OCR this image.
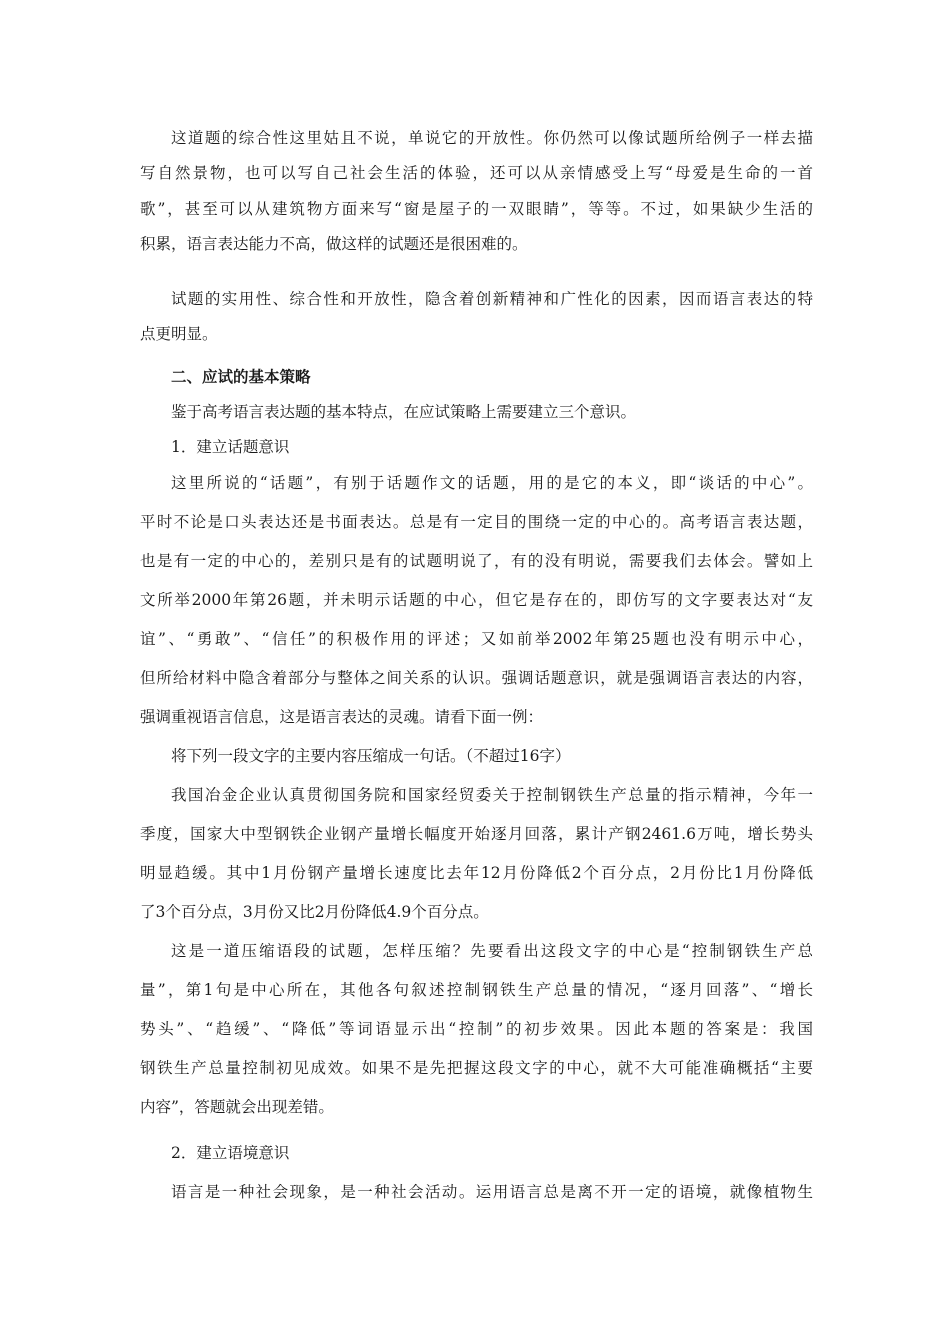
这道题的综合性这里姑且不说，单说它的开放性。你仍然可以像试题所给例子一样去描
写自然景物，也可以写自己社会生活的体验，还可以从亲情感受上写“母爱是生命的一首
歌”，甚至可以从建筑物方面来写“窗是屋子的一双眼睛”，等等。不过，如果缺少生活的
积累，语言表达能力不高，做这样的试题还是很困难的。
试题的实用性、综合性和开放性，隐含着创新精神和广性化的因素，因而语言表达的特
点更明显。
二、应试的基本策略
鉴于高考语言表达题的基本特点，在应试策略上需要建立三个意识。
1．建立话题意识
这里所说的“话题”，有别于话题作文的话题，用的是它的本义，即“谈话的中心”。
平时不论是口头表达还是书面表达。总是有一定目的围绕一定的中心的。高考语言表达题，
也是有一定的中心的，差别只是有的试题明说了，有的没有明说，需要我们去体会。譬如上
文所举2000年第26题，并未明示话题的中心，但它是存在的，即仿写的文字要表达对“友
谊”、“勇敢”、“信任”的积极作用的评述；又如前举2002年第25题也没有明示中心，
但所给材料中隐含着部分与整体之间关系的认识。强调话题意识，就是强调语言表达的内容，
强调重视语言信息，这是语言表达的灵魂。请看下面一例：
将下列一段文字的主要内容压缩成一句话。（不超过16字）
我国冶金企业认真贯彻国务院和国家经贸委关于控制钢铁生产总量的指示精神，今年一
季度，国家大中型钢铁企业钢产量增长幅度开始逐月回落，累计产钢2461.6万吨，增长势头
明显趋缓。其中1月份钢产量增长速度比去年12月份降低2个百分点，2月份比1月份降低
了3个百分点，3月份又比2月份降低4.9个百分点。
这是一道压缩语段的试题，怎样压缩？先要看出这段文字的中心是“控制钢铁生产总
量”，第1句是中心所在，其他各句叙述控制钢铁生产总量的情况，“逐月回落”、“增长
势头”、“趋缓”、“降低”等词语显示出“控制”的初步效果。因此本题的答案是：我国
钢铁生产总量控制初见成效。如果不是先把握这段文字的中心，就不大可能准确概括“主要
内容”，答题就会出现差错。
2．建立语境意识
语言是一种社会现象，是一种社会活动。运用语言总是离不开一定的语境，就像植物生
